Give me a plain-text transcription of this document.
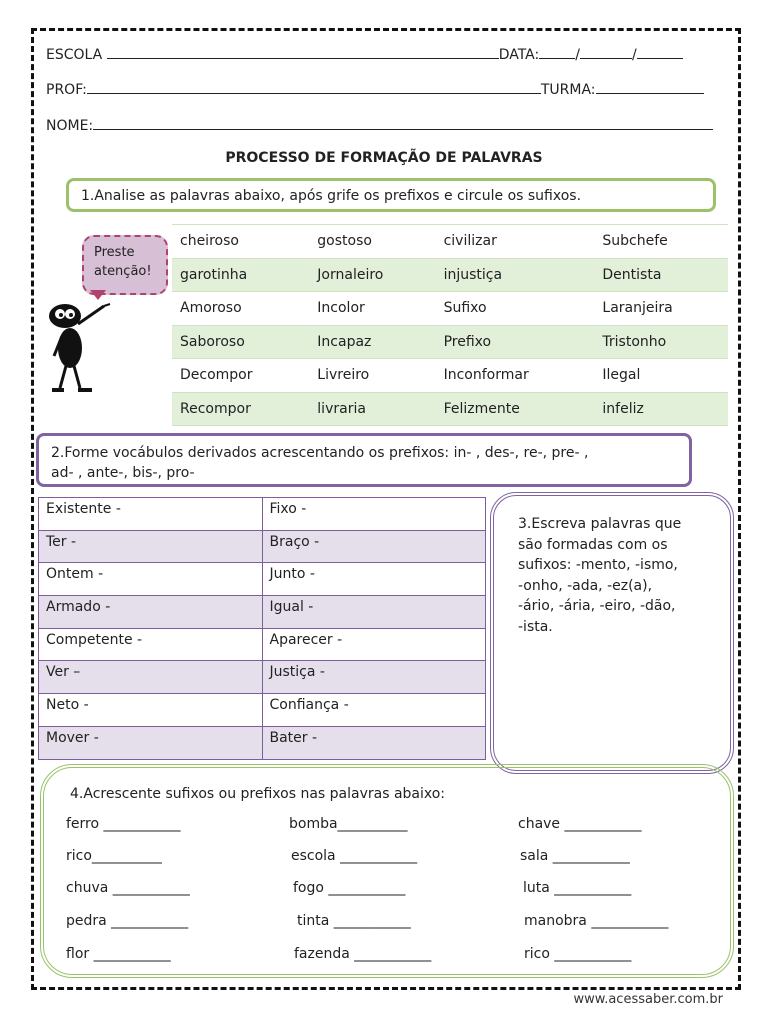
ESCOLA	DATA:	/	/
PROF:	TURMA:
NOME:
PROCESSO DE FORMAÇÃO DE PALAVRAS
1.Analise as palavras abaixo, após grife os prefixos e circule os sufixos.
Preste
atenção!
cheiroso	gostoso	civilizar	Subchefe
garotinha	Jornaleiro	injustiça	Dentista
Amoroso	Incolor	Sufixo	Laranjeira
Saboroso	Incapaz	Prefixo	Tristonho
Decompor	Livreiro	Inconformar	Ilegal
Recompor	livraria	Felizmente	infeliz
2.Forme vocábulos derivados acrescentando os prefixos: in- , des-, re-, pre- ,
ad- , ante-, bis-, pro-
Existente -	Fixo -
Ter -	Braço -
Ontem -	Junto -
Armado -	Igual -
Competente -	Aparecer -
Ver –	Justiça -
Neto -	Confiança -
Mover -	Bater -
3.Escreva palavras que
são formadas com os
sufixos: -mento, -ismo,
-onho, -ada, -ez(a),
-ário, -ária, -eiro, -dão,
-ista.
4.Acrescente sufixos ou prefixos nas palavras abaixo:
ferro ___________	bomba__________	chave ___________
rico__________	escola ___________	sala ___________
chuva ___________	fogo ___________	luta ___________
pedra ___________	tinta ___________	manobra ___________
flor ___________	fazenda ___________	rico ___________
www.acessaber.com.br
